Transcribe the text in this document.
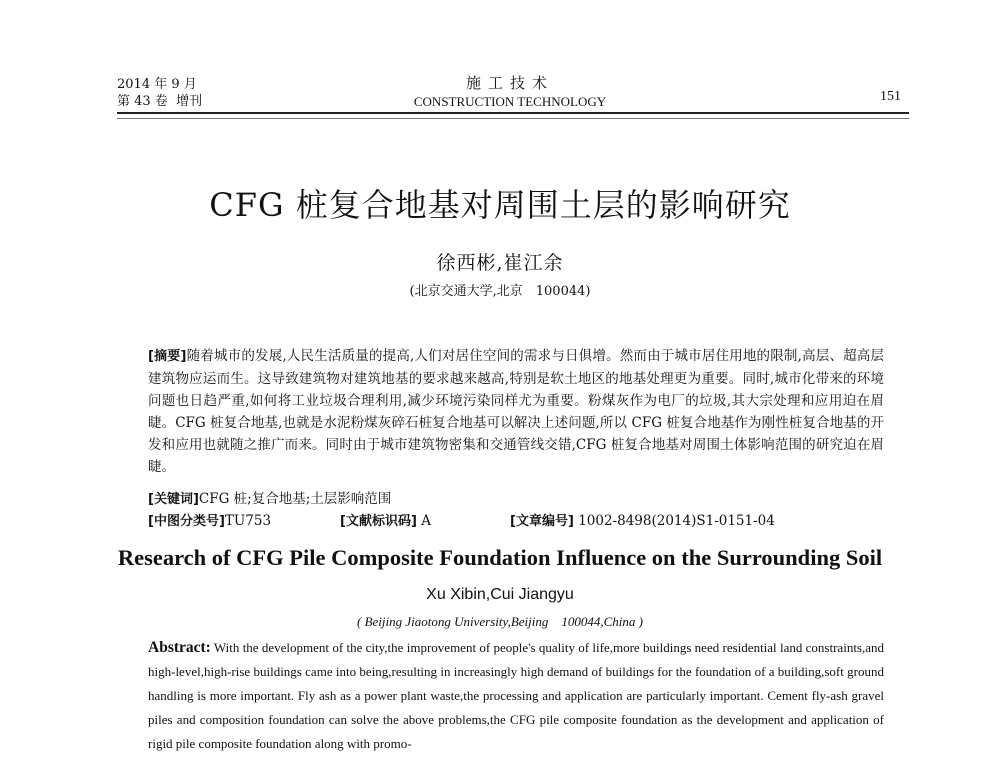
2014 年 9 月
第 43 卷 增刊
施工技术
CONSTRUCTION TECHNOLOGY	151
CFG 桩复合地基对周围土层的影响研究
徐西彬,崔江余
(北京交通大学,北京　100044)
[摘要]随着城市的发展,人民生活质量的提高,人们对居住空间的需求与日俱增。然而由于城市居住用地的限制,高层、超高层建筑物应运而生。这导致建筑物对建筑地基的要求越来越高,特别是软土地区的地基处理更为重要。同时,城市化带来的环境问题也日趋严重,如何将工业垃圾合理利用,减少环境污染同样尤为重要。粉煤灰作为电厂的垃圾,其大宗处理和应用迫在眉睫。CFG 桩复合地基,也就是水泥粉煤灰碎石桩复合地基可以解决上述问题,所以 CFG 桩复合地基作为刚性桩复合地基的开发和应用也就随之推广而来。同时由于城市建筑物密集和交通管线交错,CFG 桩复合地基对周围土体影响范围的研究迫在眉睫。
[关键词]CFG 桩;复合地基;土层影响范围
[中图分类号]TU753	[文献标识码] A	[文章编号] 1002-8498(2014)S1-0151-04
Research of CFG Pile Composite Foundation Influence on the Surrounding Soil
Xu Xibin,Cui Jiangyu
( Beijing Jiaotong University,Beijing　100044,China )
Abstract: With the development of the city,the improvement of people's quality of life,more buildings need residential land constraints,and high-level,high-rise buildings came into being,resulting in increasingly high demand of buildings for the foundation of a building,soft ground handling is more important. Fly ash as a power plant waste,the processing and application are particularly important. Cement fly-ash gravel piles and composition foundation can solve the above problems,the CFG pile composite foundation as the development and application of rigid pile composite foundation along with promo-
